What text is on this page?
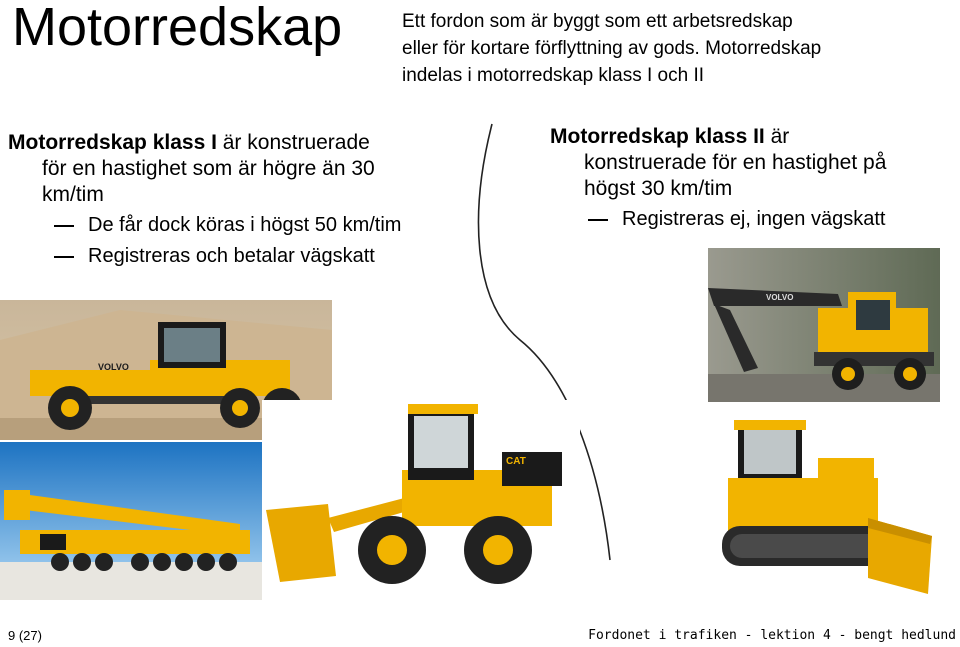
Motorredskap	Ett fordon som är byggt som ett arbetsredskap
eller för kortare förflyttning av gods. Motorredskap
indelas i motorredskap klass I och II
Motorredskap klass I är konstruerade
för en hastighet som är högre än 30
km/tim
De får dock köras i högst 50 km/tim
Registreras och betalar vägskatt
Motorredskap klass II är
konstruerade för en hastighet på
högst 30 km/tim
Registreras ej, ingen vägskatt
VOLVO
CAT
VOLVO
9 (27)	Fordonet i trafiken - lektion 4 - bengt hedlund
